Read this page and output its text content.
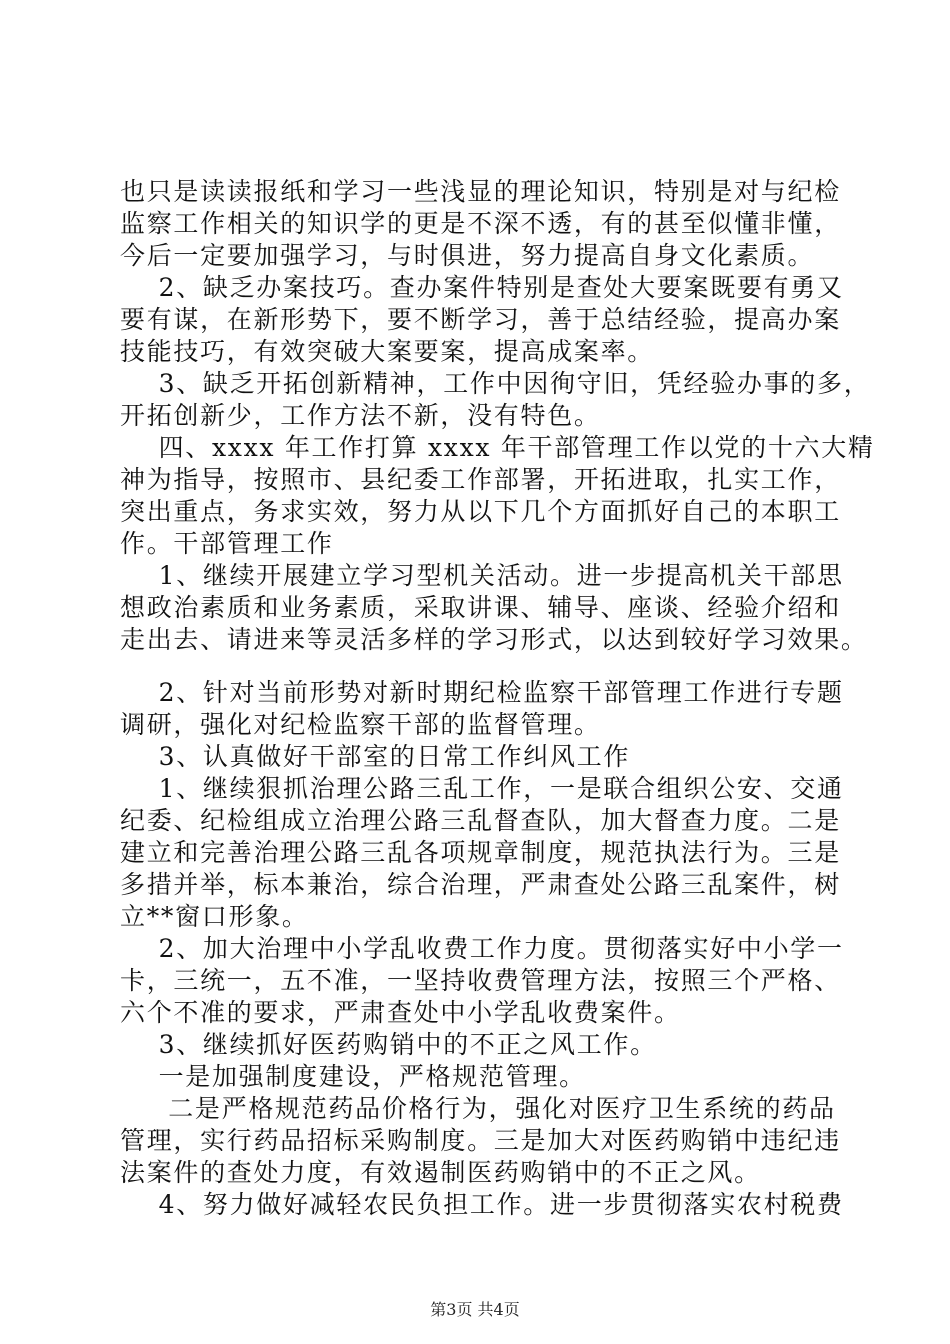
也只是读读报纸和学习一些浅显的理论知识，特别是对与纪检
监察工作相关的知识学的更是不深不透，有的甚至似懂非懂，
今后一定要加强学习，与时俱进，努力提高自身文化素质。
2、缺乏办案技巧。查办案件特别是查处大要案既要有勇又
要有谋，在新形势下，要不断学习，善于总结经验，提高办案
技能技巧，有效突破大案要案，提高成案率。
3、缺乏开拓创新精神，工作中因徇守旧，凭经验办事的多，
开拓创新少，工作方法不新，没有特色。
四、xxxx 年工作打算 xxxx 年干部管理工作以党的十六大精
神为指导，按照市、县纪委工作部署，开拓进取，扎实工作，
突出重点，务求实效，努力从以下几个方面抓好自己的本职工
作。干部管理工作
1、继续开展建立学习型机关活动。进一步提高机关干部思
想政治素质和业务素质，采取讲课、辅导、座谈、经验介绍和
走出去、请进来等灵活多样的学习形式，以达到较好学习效果。
2、针对当前形势对新时期纪检监察干部管理工作进行专题
调研，强化对纪检监察干部的监督管理。
3、认真做好干部室的日常工作纠风工作
1、继续狠抓治理公路三乱工作，一是联合组织公安、交通
纪委、纪检组成立治理公路三乱督查队，加大督查力度。二是
建立和完善治理公路三乱各项规章制度，规范执法行为。三是
多措并举，标本兼治，综合治理，严肃查处公路三乱案件，树
立**窗口形象。
2、加大治理中小学乱收费工作力度。贯彻落实好中小学一
卡，三统一，五不准，一坚持收费管理方法，按照三个严格、
六个不准的要求，严肃查处中小学乱收费案件。
3、继续抓好医药购销中的不正之风工作。
一是加强制度建设，严格规范管理。
二是严格规范药品价格行为，强化对医疗卫生系统的药品
管理，实行药品招标采购制度。三是加大对医药购销中违纪违
法案件的查处力度，有效遏制医药购销中的不正之风。
4、努力做好减轻农民负担工作。进一步贯彻落实农村税费
第3页 共4页
